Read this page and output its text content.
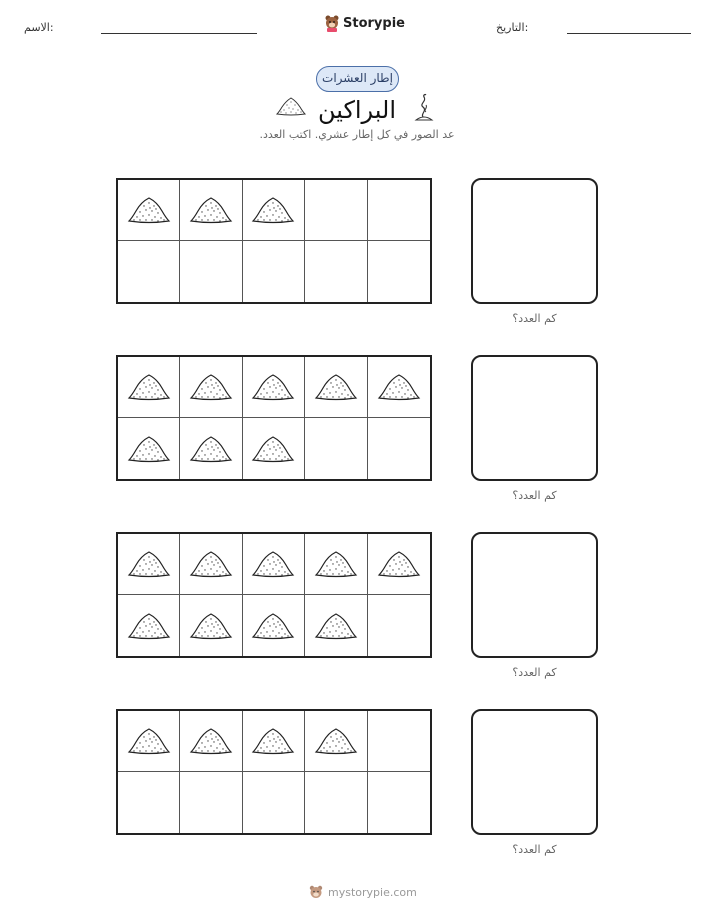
الاسم:	Storypie	التاريخ:
إطار العشرات
البراكين
عد الصور في كل إطار عشري. اكتب العدد.
كم العدد؟
كم العدد؟
كم العدد؟
كم العدد؟
mystorypie.com
